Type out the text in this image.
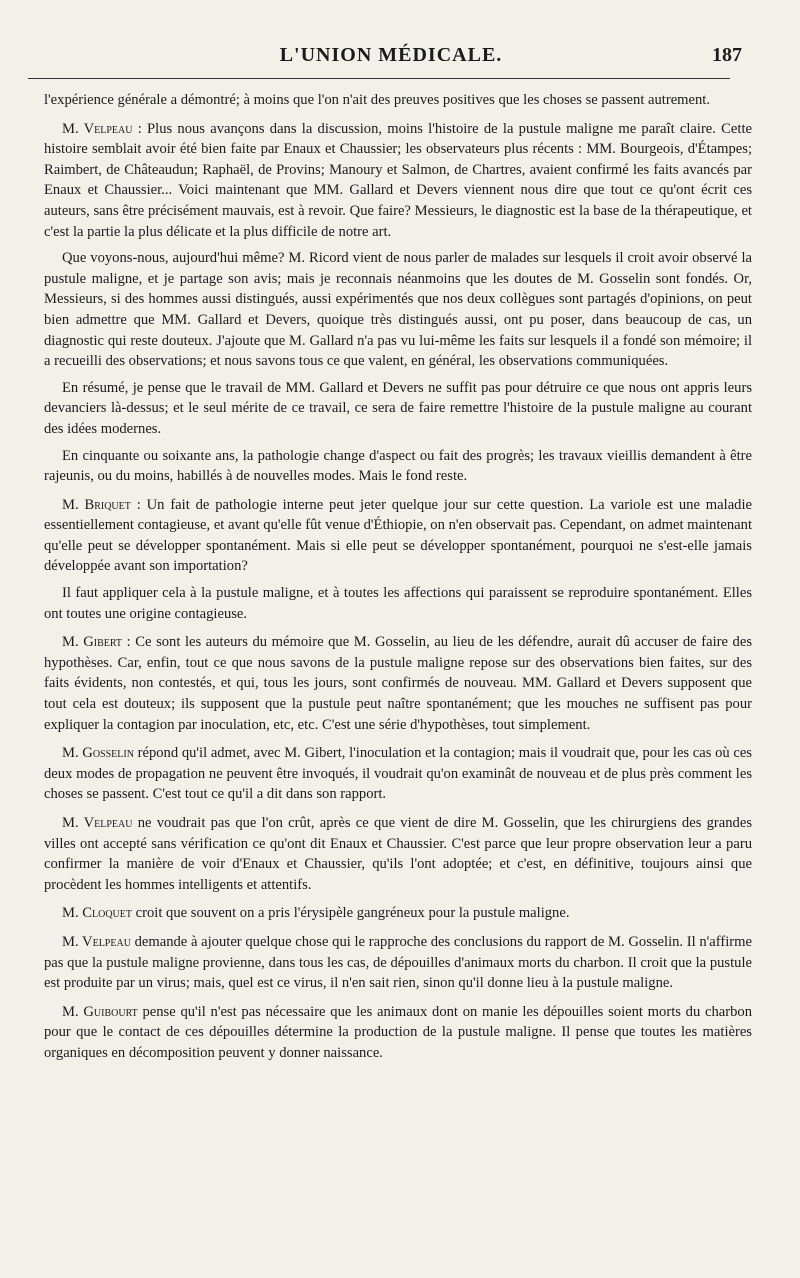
L'UNION MÉDICALE.	187

l'expérience générale a démontré; à moins que l'on n'ait des preuves positives que les choses se passent autrement.

M. Velpeau : Plus nous avançons dans la discussion, moins l'histoire de la pustule maligne me paraît claire. Cette histoire semblait avoir été bien faite par Enaux et Chaussier; les observateurs plus récents : MM. Bourgeois, d'Étampes; Raimbert, de Châteaudun; Raphaël, de Provins; Manoury et Salmon, de Chartres, avaient confirmé les faits avancés par Enaux et Chaussier... Voici maintenant que MM. Gallard et Devers viennent nous dire que tout ce qu'ont écrit ces auteurs, sans être précisément mauvais, est à revoir. Que faire? Messieurs, le diagnostic est la base de la thérapeutique, et c'est la partie la plus délicate et la plus difficile de notre art.

Que voyons-nous, aujourd'hui même? M. Ricord vient de nous parler de malades sur lesquels il croit avoir observé la pustule maligne, et je partage son avis; mais je reconnais néanmoins que les doutes de M. Gosselin sont fondés. Or, Messieurs, si des hommes aussi distingués, aussi expérimentés que nos deux collègues sont partagés d'opinions, on peut bien admettre que MM. Gallard et Devers, quoique très distingués aussi, ont pu poser, dans beaucoup de cas, un diagnostic qui reste douteux. J'ajoute que M. Gallard n'a pas vu lui-même les faits sur lesquels il a fondé son mémoire; il a recueilli des observations; et nous savons tous ce que valent, en général, les observations communiquées.

En résumé, je pense que le travail de MM. Gallard et Devers ne suffit pas pour détruire ce que nous ont appris leurs devanciers là-dessus; et le seul mérite de ce travail, ce sera de faire remettre l'histoire de la pustule maligne au courant des idées modernes.

En cinquante ou soixante ans, la pathologie change d'aspect ou fait des progrès; les travaux vieillis demandent à être rajeunis, ou du moins, habillés à de nouvelles modes. Mais le fond reste.

M. Briquet : Un fait de pathologie interne peut jeter quelque jour sur cette question. La variole est une maladie essentiellement contagieuse, et avant qu'elle fût venue d'Éthiopie, on n'en observait pas. Cependant, on admet maintenant qu'elle peut se développer spontanément. Mais si elle peut se développer spontanément, pourquoi ne s'est-elle jamais développée avant son importation?

Il faut appliquer cela à la pustule maligne, et à toutes les affections qui paraissent se reproduire spontanément. Elles ont toutes une origine contagieuse.

M. Gibert : Ce sont les auteurs du mémoire que M. Gosselin, au lieu de les défendre, aurait dû accuser de faire des hypothèses. Car, enfin, tout ce que nous savons de la pustule maligne repose sur des observations bien faites, sur des faits évidents, non contestés, et qui, tous les jours, sont confirmés de nouveau. MM. Gallard et Devers supposent que tout cela est douteux; ils supposent que la pustule peut naître spontanément; que les mouches ne suffisent pas pour expliquer la contagion par inoculation, etc, etc. C'est une série d'hypothèses, tout simplement.

M. Gosselin répond qu'il admet, avec M. Gibert, l'inoculation et la contagion; mais il voudrait que, pour les cas où ces deux modes de propagation ne peuvent être invoqués, il voudrait qu'on examinât de nouveau et de plus près comment les choses se passent. C'est tout ce qu'il a dit dans son rapport.

M. Velpeau ne voudrait pas que l'on crût, après ce que vient de dire M. Gosselin, que les chirurgiens des grandes villes ont accepté sans vérification ce qu'ont dit Enaux et Chaussier. C'est parce que leur propre observation leur a paru confirmer la manière de voir d'Enaux et Chaussier, qu'ils l'ont adoptée; et c'est, en définitive, toujours ainsi que procèdent les hommes intelligents et attentifs.

M. Cloquet croit que souvent on a pris l'érysipèle gangréneux pour la pustule maligne.

M. Velpeau demande à ajouter quelque chose qui le rapproche des conclusions du rapport de M. Gosselin. Il n'affirme pas que la pustule maligne provienne, dans tous les cas, de dépouilles d'animaux morts du charbon. Il croit que la pustule est produite par un virus; mais, quel est ce virus, il n'en sait rien, sinon qu'il donne lieu à la pustule maligne.

M. Guibourt pense qu'il n'est pas nécessaire que les animaux dont on manie les dépouilles soient morts du charbon pour que le contact de ces dépouilles détermine la production de la pustule maligne. Il pense que toutes les matières organiques en décomposition peuvent y donner naissance.
